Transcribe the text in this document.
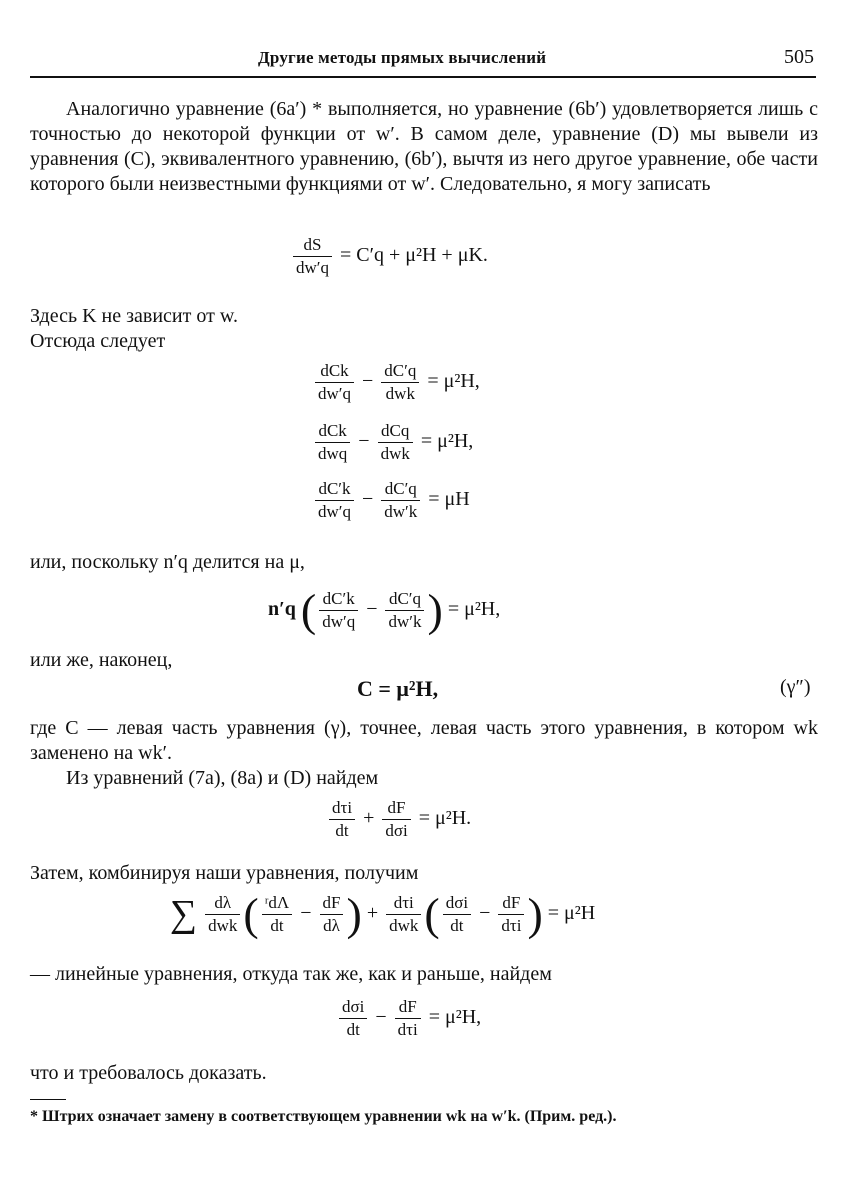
Другие методы прямых вычислений	505

Аналогично уравнение (6a′) * выполняется, но уравнение (6b′) удовлетворяется лишь с точностью до некоторой функции от w′. В самом деле, уравнение (D) мы вывели из уравнения (C), эквивалентного уравнению, (6b′), вычтя из него другое уравнение, обе части которого были неизвестными функциями от w′. Следовательно, я могу записать

$\frac{dS}{dw'q} = C'q + \mu^2H + \mu K$.
Здесь K не зависит от w.
Отсюда следует
$\frac{\text{dCk}}{dw'q} - \frac{dC'q}{\text{dwk}} = \mu^2H$,
$\frac{\text{dCk}}{\text{dwq}} - \frac{\text{dCq}}{\text{dwk}} = \mu^2H$,
$\frac{dC'k}{dw'q} - \frac{dC'q}{dw'k} = \mu H$
или, поскольку n′q делится на μ,
n′q ( $\frac{dC'k}{dw'q} - \frac{dC'q}{dw'k}$ ) = μ²H,
или же, наконец,
C = μ²H,	(γ″)

где C — левая часть уравнения (γ), точнее, левая часть этого уравнения, в котором wk заменено на wk′.

Из уравнений (7a), (8a) и (D) найдем
$\frac{\text{dτi}}{dt} + \frac{dF}{\text{dσi}} = \mu^2H$.
Затем, комбинируя наши уравнения, получим
∑ $\frac{d\lambda}{\text{dwk}}$ ( $\frac{\text{ʳdΛ}}{dt} - \frac{dF}{d\lambda}$ ) + $\frac{\text{dτi}}{\text{dwk}}$ ( $\frac{\text{dσi}}{dt} - \frac{dF}{\text{dτi}}$ ) = μ²H
— линейные уравнения, откуда так же, как и раньше, найдем
$\frac{\text{dσi}}{dt} - \frac{dF}{\text{dτi}} = \mu^2H$,
что и требовалось доказать.
* Штрих означает замену в соответствующем уравнении wk на w′k. (Прим. ред.).
